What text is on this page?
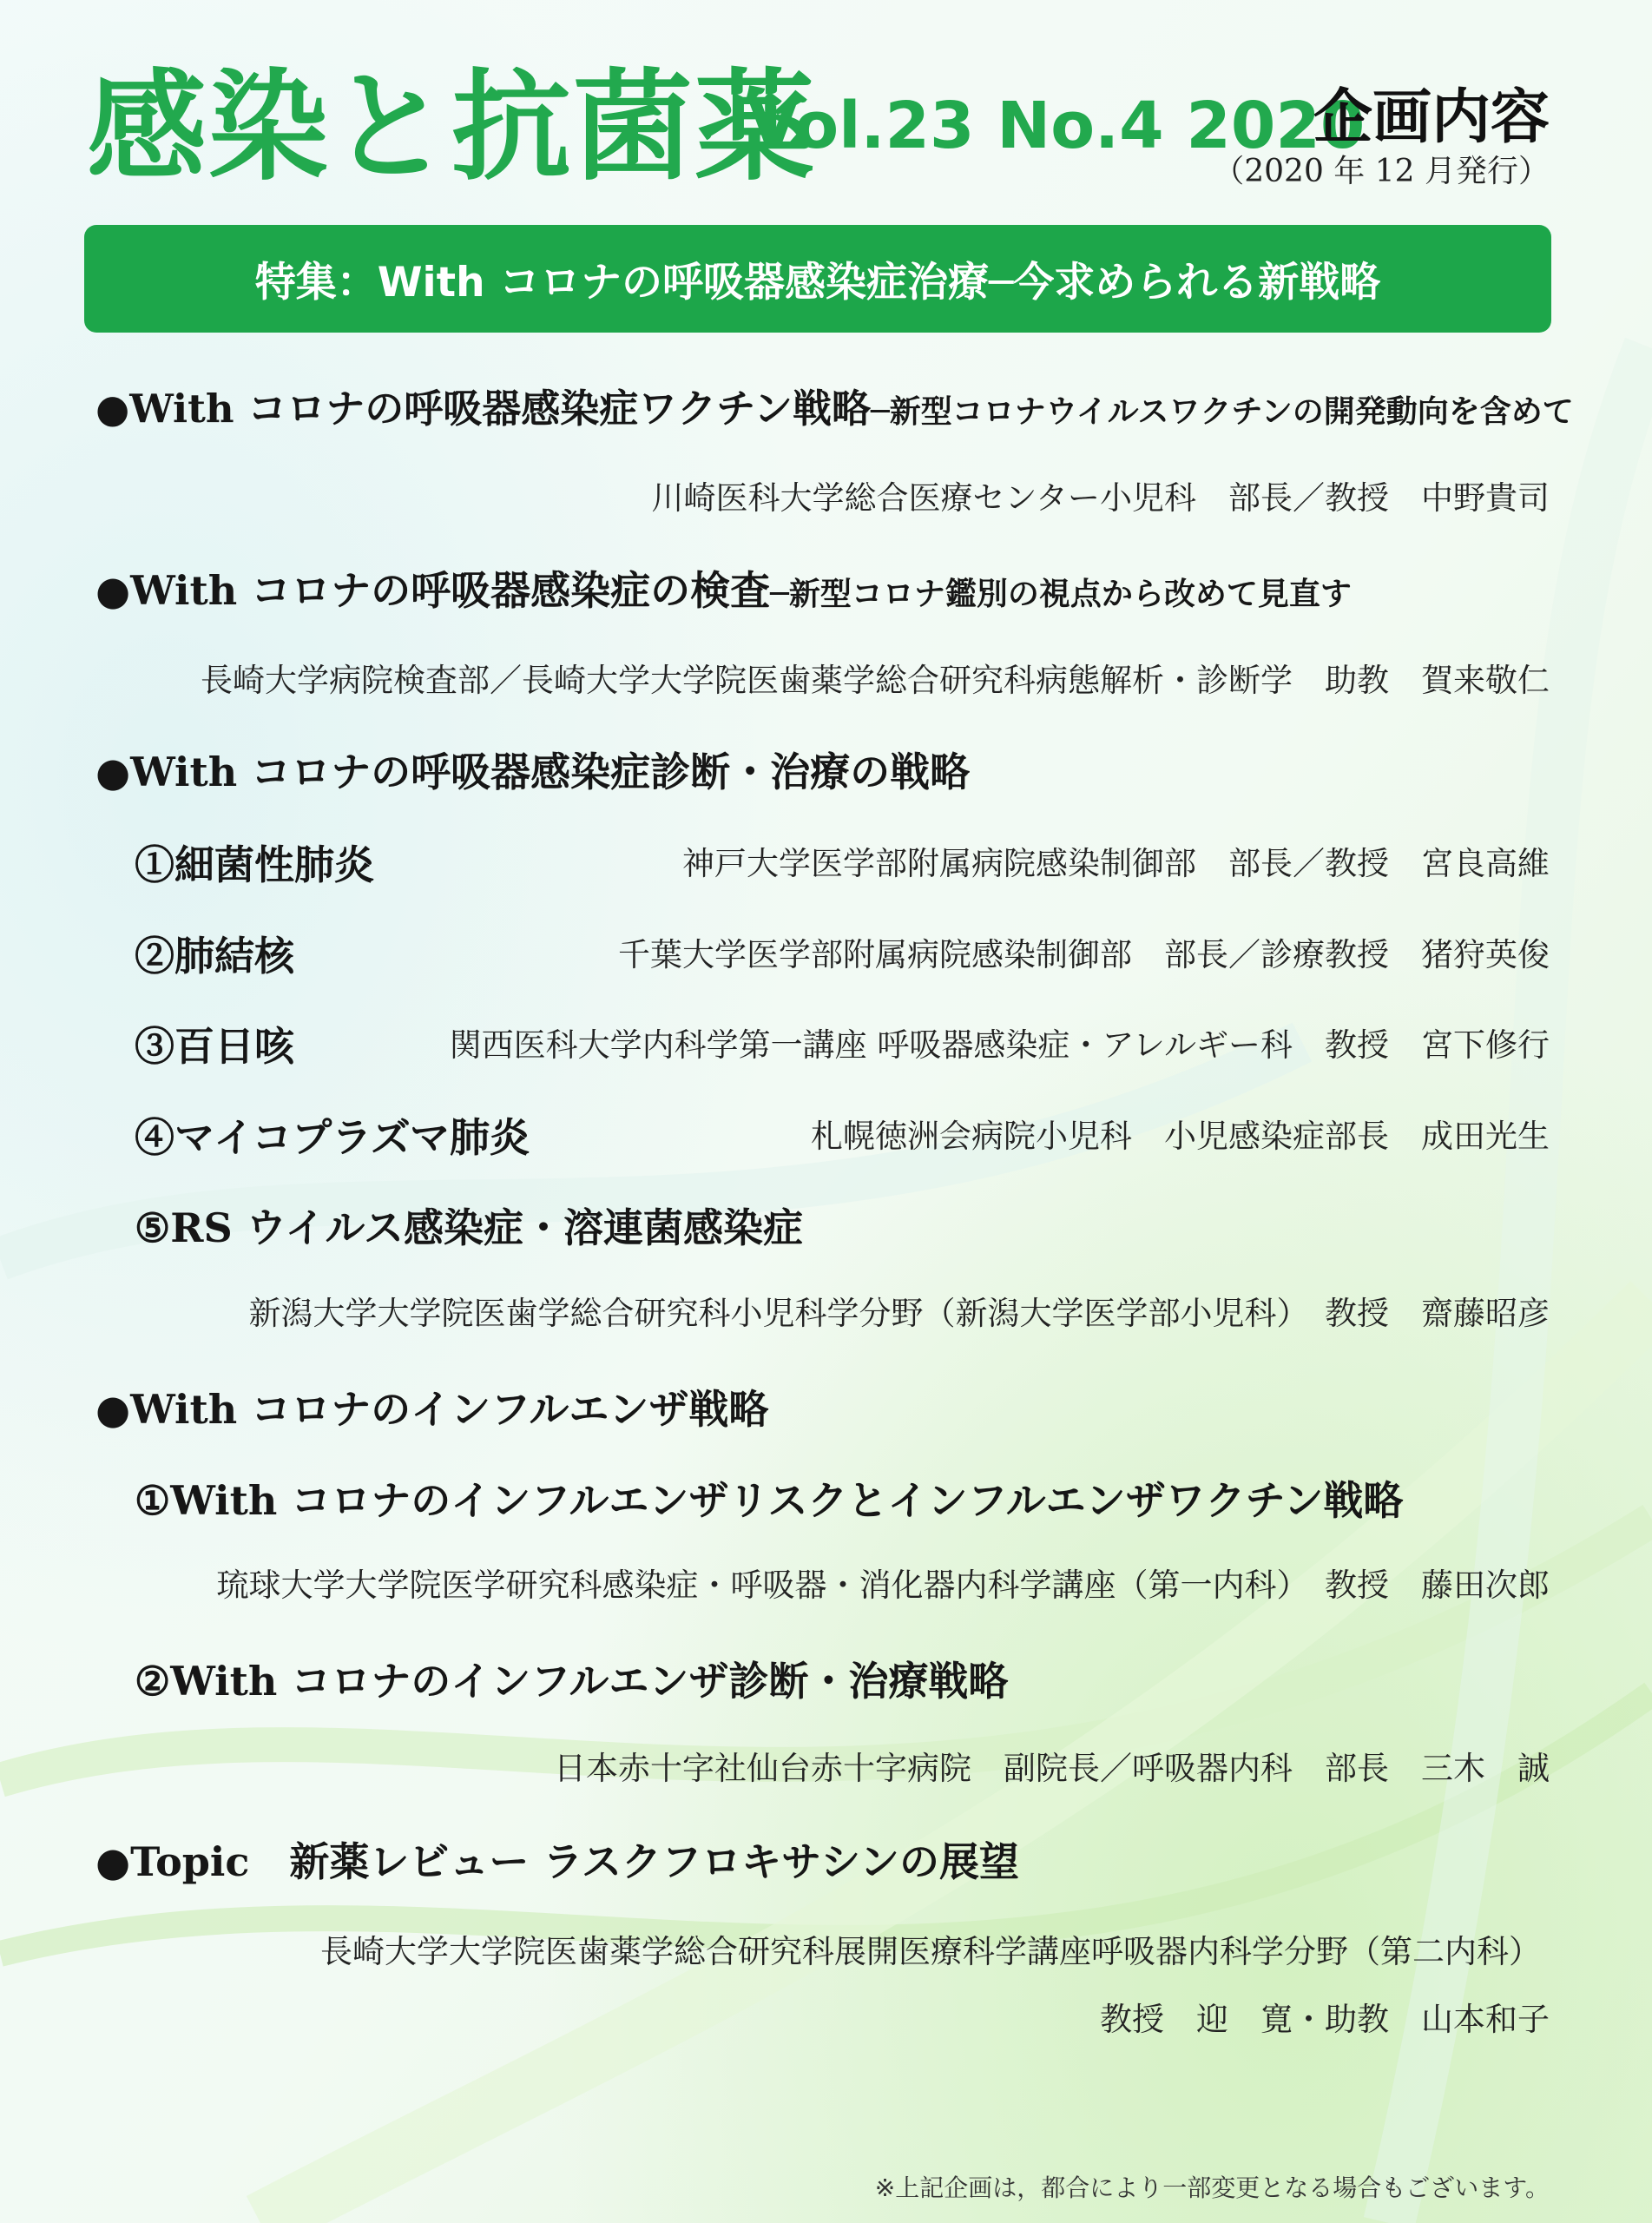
感染と抗菌薬
Vol.23 No.4 2020
企画内容
（2020 年 12 月発行）
特集：With コロナの呼吸器感染症治療─今求められる新戦略
●With コロナの呼吸器感染症ワクチン戦略─新型コロナウイルスワクチンの開発動向を含めて
川崎医科大学総合医療センター小児科　部長／教授　中野貴司
●With コロナの呼吸器感染症の検査─新型コロナ鑑別の視点から改めて見直す
長崎大学病院検査部／長崎大学大学院医歯薬学総合研究科病態解析・診断学　助教　賀来敬仁
●With コロナの呼吸器感染症診断・治療の戦略
①細菌性肺炎	神戸大学医学部附属病院感染制御部　部長／教授　宮良高維
②肺結核	千葉大学医学部附属病院感染制御部　部長／診療教授　猪狩英俊
③百日咳	関西医科大学内科学第一講座 呼吸器感染症・アレルギー科　教授　宮下修行
④マイコプラズマ肺炎	札幌徳洲会病院小児科　小児感染症部長　成田光生
⑤RS ウイルス感染症・溶連菌感染症
新潟大学大学院医歯学総合研究科小児科学分野（新潟大学医学部小児科）　教授　齋藤昭彦
●With コロナのインフルエンザ戦略
①With コロナのインフルエンザリスクとインフルエンザワクチン戦略
琉球大学大学院医学研究科感染症・呼吸器・消化器内科学講座（第一内科）　教授　藤田次郎
②With コロナのインフルエンザ診断・治療戦略
日本赤十字社仙台赤十字病院　副院長／呼吸器内科　部長　三木　誠
●Topic　新薬レビュー ラスクフロキサシンの展望
長崎大学大学院医歯薬学総合研究科展開医療科学講座呼吸器内科学分野（第二内科）
教授　迎　寛・助教　山本和子
※上記企画は，都合により一部変更となる場合もございます。
